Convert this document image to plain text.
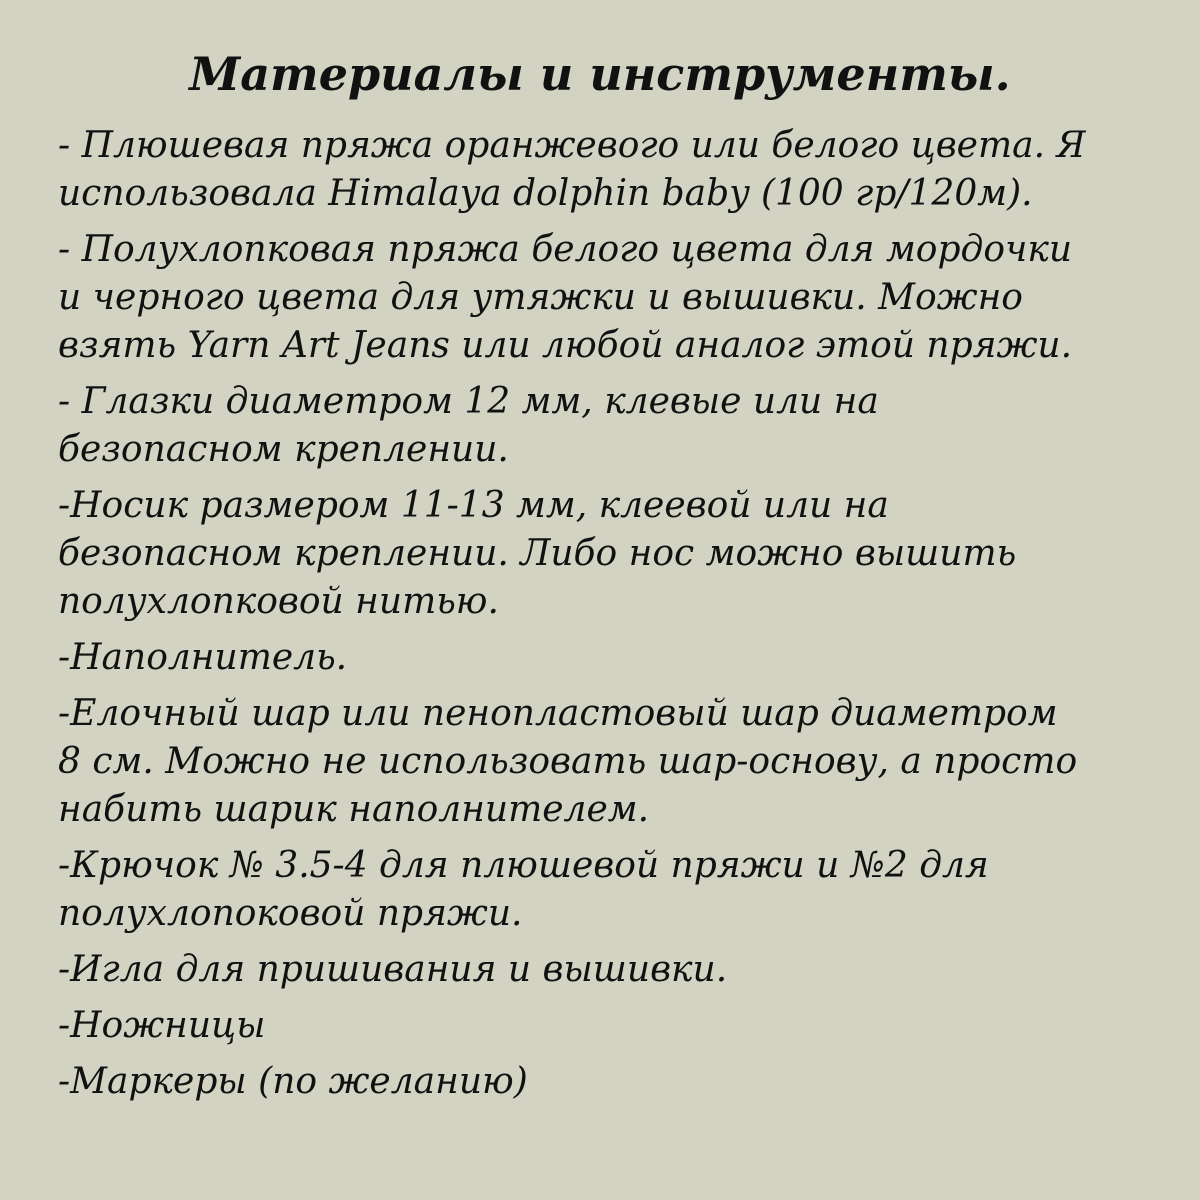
Материалы и инструменты.
- Плюшевая пряжа оранжевого или белого цвета. Я
использовала Himalaya dolphin baby (100 гр/120м).
- Полухлопковая пряжа белого цвета для мордочки
и черного цвета для утяжки и вышивки. Можно
взять Yarn Art Jeans или любой аналог этой пряжи.
- Глазки диаметром 12 мм, клевые или на
безопасном креплении.
-Носик размером 11-13 мм, клеевой или на
безопасном креплении. Либо нос можно вышить
полухлопковой нитью.
-Наполнитель.
-Елочный шар или пенопластовый шар диаметром
8 см. Можно не использовать шар-основу, а просто
набить шарик наполнителем.
-Крючок № 3.5-4 для плюшевой пряжи и №2 для
полухлопоковой пряжи.
-Игла для пришивания и вышивки.
-Ножницы
-Маркеры (по желанию)
